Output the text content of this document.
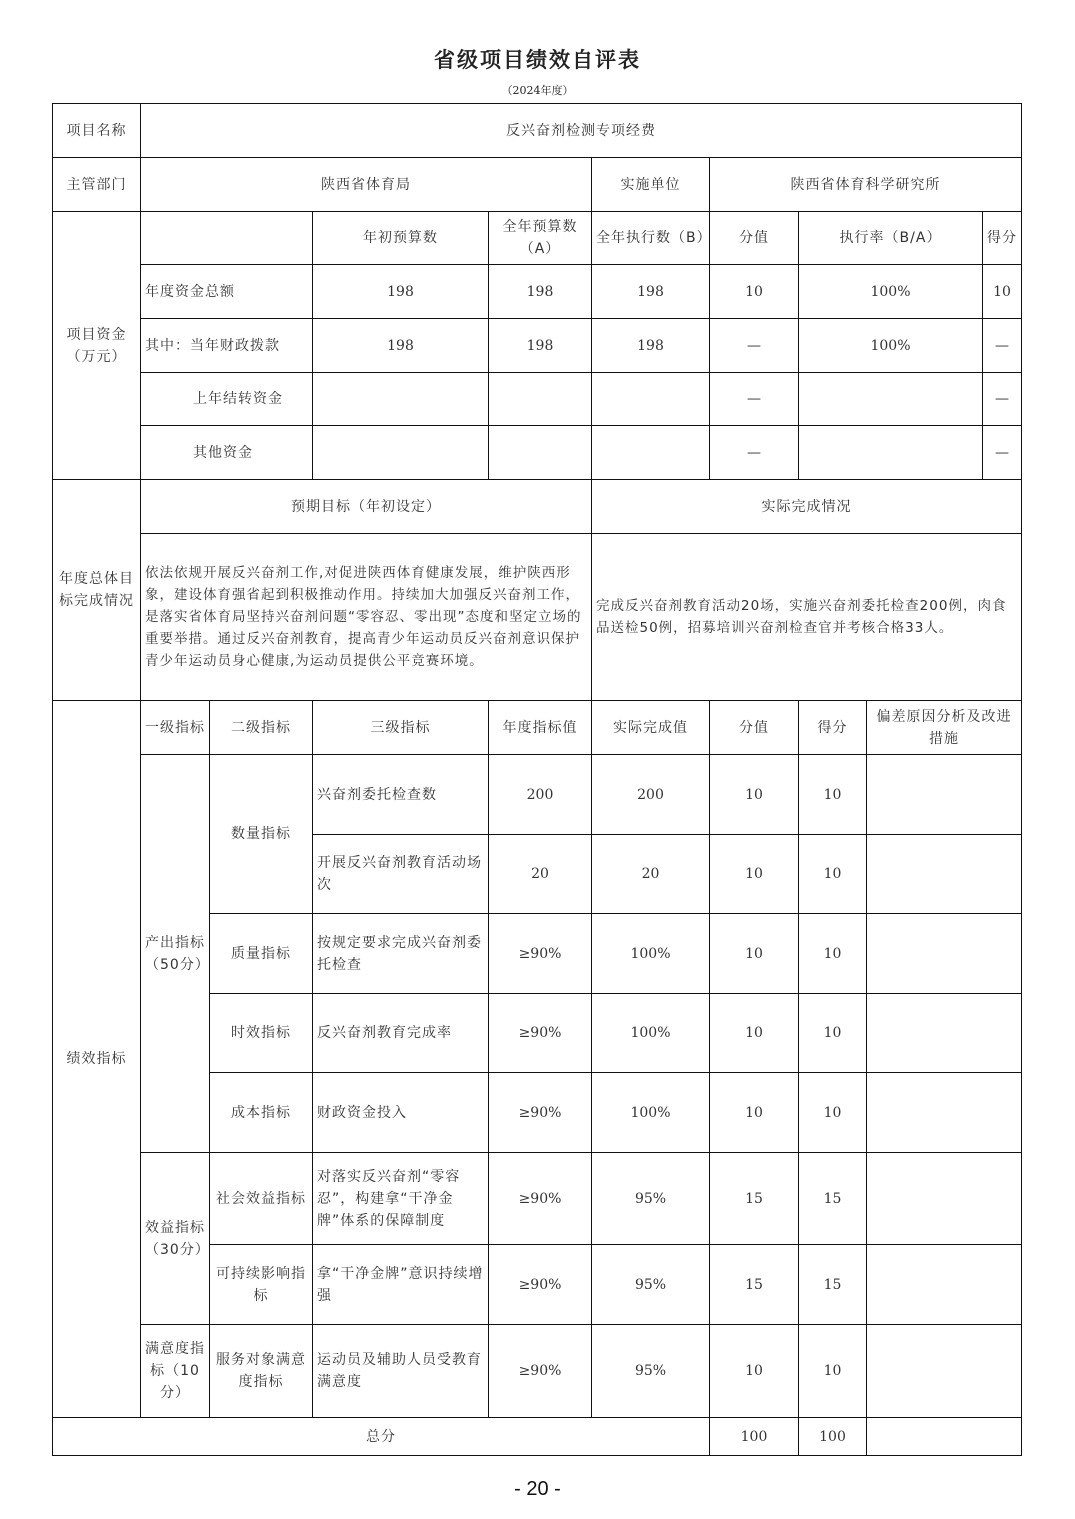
省级项目绩效自评表
（2024年度）
项目名称	反兴奋剂检测专项经费								
主管部门	陕西省体育局				实施单位	陕西省体育科学研究所			
项目资金（万元）			年初预算数	全年预算数（A）	全年执行数（B）	分值	执行率（B/A）		得分
	年度资金总额		198	198	198	10	100%		10
	其中：当年财政拨款		198	198	198	—	100%		—
	上年结转资金					—			—
	其他资金					—			—
年度总体目标完成情况	预期目标（年初设定）				实际完成情况				
	依法依规开展反兴奋剂工作,对促进陕西体育健康发展，维护陕西形象，建设体育强省起到积极推动作用。持续加大加强反兴奋剂工作，是落实省体育局坚持兴奋剂问题“零容忍、零出现”态度和坚定立场的重要举措。通过反兴奋剂教育，提高青少年运动员反兴奋剂意识保护青少年运动员身心健康,为运动员提供公平竞赛环境。				完成反兴奋剂教育活动20场，实施兴奋剂委托检查200例，肉食品送检50例，招募培训兴奋剂检查官并考核合格33人。				
绩效指标	一级指标	二级指标	三级指标	年度指标值	实际完成值	分值	得分	偏差原因分析及改进措施	
	产出指标（50分）	数量指标	兴奋剂委托检查数	200	200	10	10		
			开展反兴奋剂教育活动场次	20	20	10	10		
		质量指标	按规定要求完成兴奋剂委托检查	≥90%	100%	10	10		
		时效指标	反兴奋剂教育完成率	≥90%	100%	10	10		
		成本指标	财政资金投入	≥90%	100%	10	10		

	效益指标（30分）	社会效益指标	对落实反兴奋剂“零容忍”，构建拿“干净金牌”体系的保障制度	≥90%	95%	15	15		
		可持续影响指标	拿“干净金牌”意识持续增强	≥90%	95%	15	15		
	满意度指标（10分）	服务对象满意度指标	运动员及辅助人员受教育满意度	≥90%	95%	10	10		
总分						100	100		
- 20 -
